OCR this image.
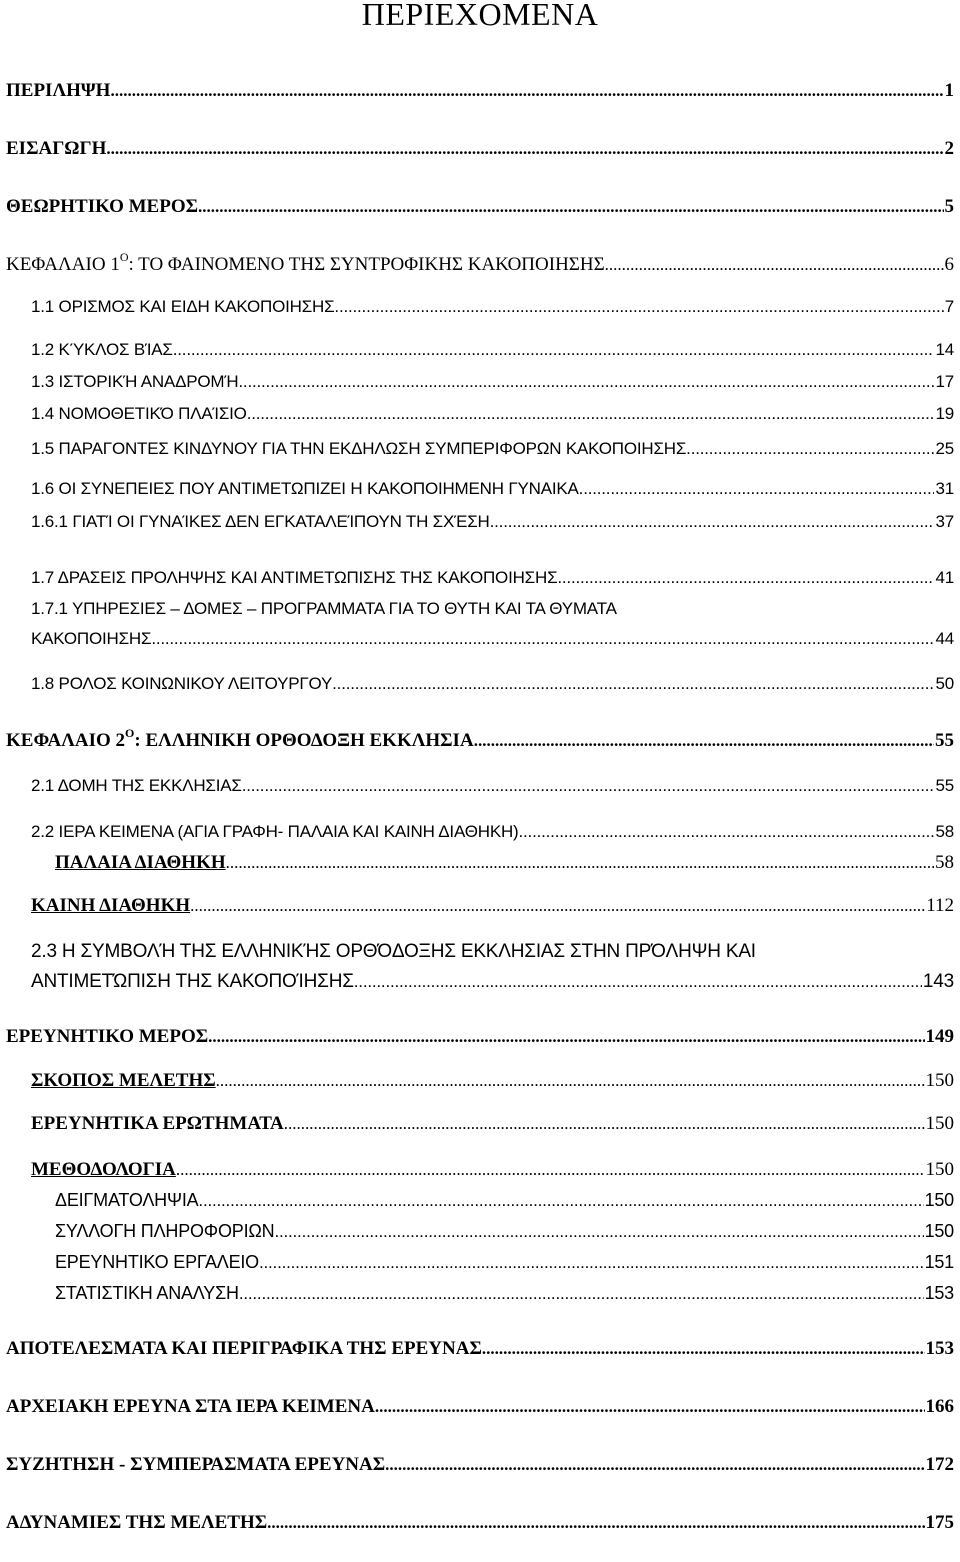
ΠΕΡΙΕΧΟΜΕΝΑ
ΠΕΡΙΛΗΨΗ .....	1
ΕΙΣΑΓΩΓΗ .....	2
ΘΕΩΡΗΤΙΚΟ ΜΕΡΟΣ .....	5
ΚΕΦΑΛΑΙΟ $1^O$: ΤΟ ΦΑΙΝΟΜΕΝΟ ΤΗΣ ΣΥΝΤΡΟΦΙΚΗΣ ΚΑΚΟΠΟΙΗΣΗΣ .....	6
1.1 ΟΡΙΣΜΟΣ ΚΑΙ ΕΙΔΗ ΚΑΚΟΠΟΙΗΣΗΣ .....	7
1.2 ΚΎΚΛΟΣ ΒΊΑΣ .....	14
1.3 ΙΣΤΟΡΙΚΉ ΑΝΑΔΡΟΜΉ .....	17
1.4 ΝΟΜΟΘΕΤΙΚΌ ΠΛΑΊΣΙΟ .....	19
1.5 ΠΑΡΑΓΟΝΤΕΣ ΚΙΝΔΥΝΟΥ ΓΙΑ ΤΗΝ ΕΚΔΗΛΩΣΗ ΣΥΜΠΕΡΙΦΟΡΩΝ ΚΑΚΟΠΟΙΗΣΗΣ .....	25
1.6 ΟΙ ΣΥΝΕΠΕΙΕΣ ΠΟΥ ΑΝΤΙΜΕΤΩΠΙΖΕΙ Η ΚΑΚΟΠΟΙΗΜΕΝΗ ΓΥΝΑΙΚΑ .....	31
1.6.1 ΓΙΑΤΊ ΟΙ ΓΥΝΑΊΚΕΣ ΔΕΝ ΕΓΚΑΤΑΛΕΊΠΟΥΝ ΤΗ ΣΧΈΣΗ .....	37
1.7 ΔΡΑΣΕΙΣ ΠΡΟΛΗΨΗΣ ΚΑΙ ΑΝΤΙΜΕΤΩΠΙΣΗΣ ΤΗΣ ΚΑΚΟΠΟΙΗΣΗΣ .....	41
1.7.1 ΥΠΗΡΕΣΙΕΣ – ΔΟΜΕΣ – ΠΡΟΓΡΑΜΜΑΤΑ ΓΙΑ ΤΟ ΘΥΤΗ ΚΑΙ ΤΑ ΘΥΜΑΤΑ
ΚΑΚΟΠΟΙΗΣΗΣ .....	44
1.8 ΡΟΛΟΣ ΚΟΙΝΩΝΙΚΟΥ ΛΕΙΤΟΥΡΓΟΥ .....	50
ΚΕΦΑΛΑΙΟ $2^O$: ΕΛΛΗΝΙΚΗ ΟΡΘΟΔΟΞΗ ΕΚΚΛΗΣΙΑ .....	55
2.1 ΔΟΜΗ ΤΗΣ ΕΚΚΛΗΣΙΑΣ .....	55
2.2 ΙΕΡΑ ΚΕΙΜΕΝΑ (ΑΓΙΑ ΓΡΑΦΗ- ΠΑΛΑΙΑ ΚΑΙ ΚΑΙΝΗ ΔΙΑΘΗΚΗ) .....	58
ΠΑΛΑΙΑ ΔΙΑΘΗΚΗ .....	58
ΚΑΙΝΗ ΔΙΑΘΗΚΗ .....	112
2.3 Η ΣΥΜΒΟΛΉ ΤΗΣ ΕΛΛΗΝΙΚΉΣ ΟΡΘΌΔΟΞΗΣ ΕΚΚΛΗΣΙΑΣ ΣΤΗΝ ΠΡΌΛΗΨΗ ΚΑΙ
ΑΝΤΙΜΕΤΏΠΙΣΗ ΤΗΣ ΚΑΚΟΠΟΊΗΣΗΣ .....	143
ΕΡΕΥΝΗΤΙΚΟ ΜΕΡΟΣ .....	149
ΣΚΟΠΟΣ ΜΕΛΕΤΗΣ .....	150
ΕΡΕΥΝΗΤΙΚΑ ΕΡΩΤΗΜΑΤΑ .....	150
ΜΕΘΟΔΟΛΟΓΙΑ .....	150
ΔΕΙΓΜΑΤΟΛΗΨΙΑ .....	150
ΣΥΛΛΟΓΗ ΠΛΗΡΟΦΟΡΙΩΝ .....	150
ΕΡΕΥΝΗΤΙΚΟ ΕΡΓΑΛΕΙΟ .....	151
ΣΤΑΤΙΣΤΙΚΗ ΑΝΑΛΥΣΗ .....	153
ΑΠΟΤΕΛΕΣΜΑΤΑ ΚΑΙ ΠΕΡΙΓΡΑΦΙΚΑ ΤΗΣ ΕΡΕΥΝΑΣ .....	153
ΑΡΧΕΙΑΚΗ ΕΡΕΥΝΑ ΣΤΑ ΙΕΡΑ ΚΕΙΜΕΝΑ .....	166
ΣΥΖΗΤΗΣΗ - ΣΥΜΠΕΡΑΣΜΑΤΑ ΕΡΕΥΝΑΣ .....	172
ΑΔΥΝΑΜΙΕΣ ΤΗΣ ΜΕΛΕΤΗΣ .....	175
